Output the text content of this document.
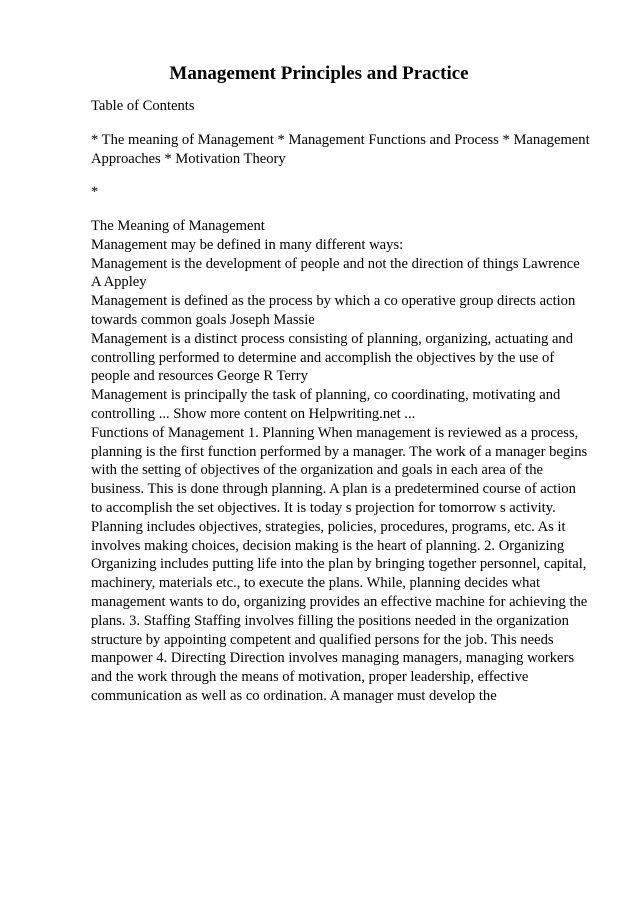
Management Principles and Practice
Table of Contents
* The meaning of Management * Management Functions and Process * Management
Approaches * Motivation Theory
*
The Meaning of Management
Management may be defined in many different ways:
Management is the development of people and not the direction of things Lawrence
A Appley
Management is defined as the process by which a co operative group directs action
towards common goals Joseph Massie
Management is a distinct process consisting of planning, organizing, actuating and
controlling performed to determine and accomplish the objectives by the use of
people and resources George R Terry
Management is principally the task of planning, co coordinating, motivating and
controlling ... Show more content on Helpwriting.net ...
Functions of Management 1. Planning When management is reviewed as a process,
planning is the first function performed by a manager. The work of a manager begins
with the setting of objectives of the organization and goals in each area of the
business. This is done through planning. A plan is a predetermined course of action
to accomplish the set objectives. It is today s projection for tomorrow s activity.
Planning includes objectives, strategies, policies, procedures, programs, etc. As it
involves making choices, decision making is the heart of planning. 2. Organizing
Organizing includes putting life into the plan by bringing together personnel, capital,
machinery, materials etc., to execute the plans. While, planning decides what
management wants to do, organizing provides an effective machine for achieving the
plans. 3. Staffing Staffing involves filling the positions needed in the organization
structure by appointing competent and qualified persons for the job. This needs
manpower 4. Directing Direction involves managing managers, managing workers
and the work through the means of motivation, proper leadership, effective
communication as well as co ordination. A manager must develop the
